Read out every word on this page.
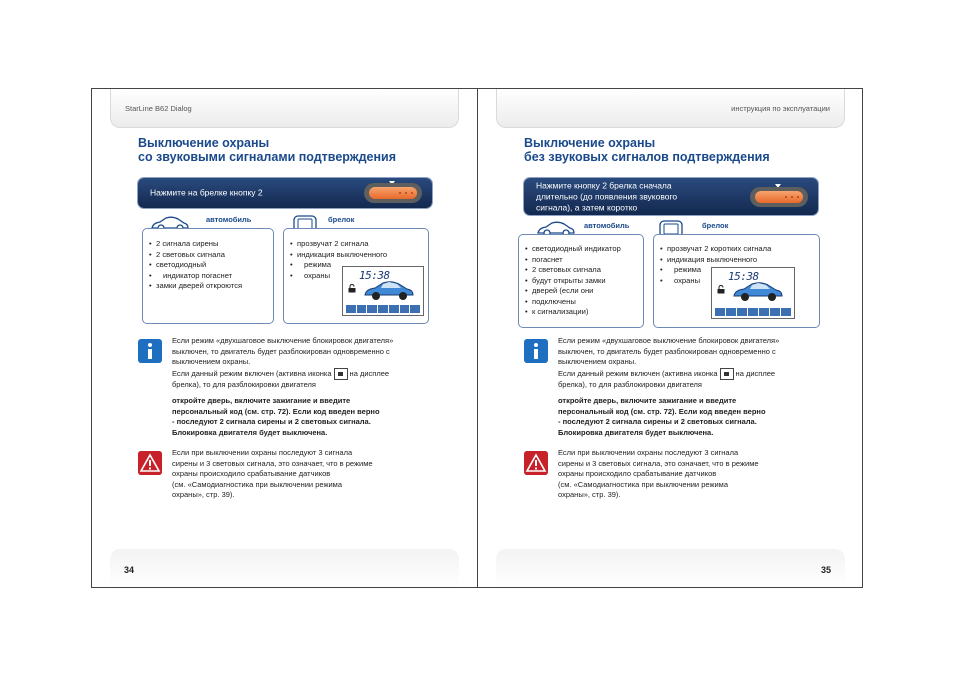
StarLine B62 Dialog
Выключение охраны
со звуковыми сигналами подтверждения
Нажмите на брелке кнопку 2
автомобиль
• 2 сигнала сирены
• 2 световых сигнала
• светодиодный
• индикатор погаснет
• замки дверей откроются
брелок
• прозвучат 2 сигнала
• индикация выключенного
• режима
• охраны	15:38

Если режим «двухшаговое выключение блокировок двигателя»

выключен, то двигатель будет разблокирован одновременно с

выключением охраны.

Если данный режим включен (активна иконка на дисплее

брелка), то для разблокировки двигателя

откройте дверь, включите зажигание и введите

персональный код (см. стр. 72). Если код введен верно

- последуют 2 сигнала сирены и 2 световых сигнала.

Блокировка двигателя будет выключена.

Если при выключении охраны последуют 3 сигнала

сирены и 3 световых сигнала, это означает, что в режиме

охраны происходило срабатывание датчиков

(см. «Самодиагностика при выключении режима

охраны», стр. 39).

34
инструкция по эксплуатации
Выключение охраны
без звуковых сигналов подтверждения
Нажмите кнопку 2 брелка сначала
длительно (до появления звукового
сигнала), а затем коротко
автомобиль
• светодиодный индикатор
• погаснет
• 2 световых сигнала
• будут открыты замки
• дверей (если они
• подключены
• к сигнализации)
брелок
• прозвучат 2 коротких сигнала
• индикация выключенного
• режима
• охраны	15:38

Если режим «двухшаговое выключение блокировок двигателя»

выключен, то двигатель будет разблокирован одновременно с

выключением охраны.

Если данный режим включен (активна иконка на дисплее

брелка), то для разблокировки двигателя

откройте дверь, включите зажигание и введите

персональный код (см. стр. 72). Если код введен верно

- последуют 2 сигнала сирены и 2 световых сигнала.

Блокировка двигателя будет выключена.

Если при выключении охраны последуют 3 сигнала

сирены и 3 световых сигнала, это означает, что в режиме

охраны происходило срабатывание датчиков

(см. «Самодиагностика при выключении режима

охраны», стр. 39).

35
